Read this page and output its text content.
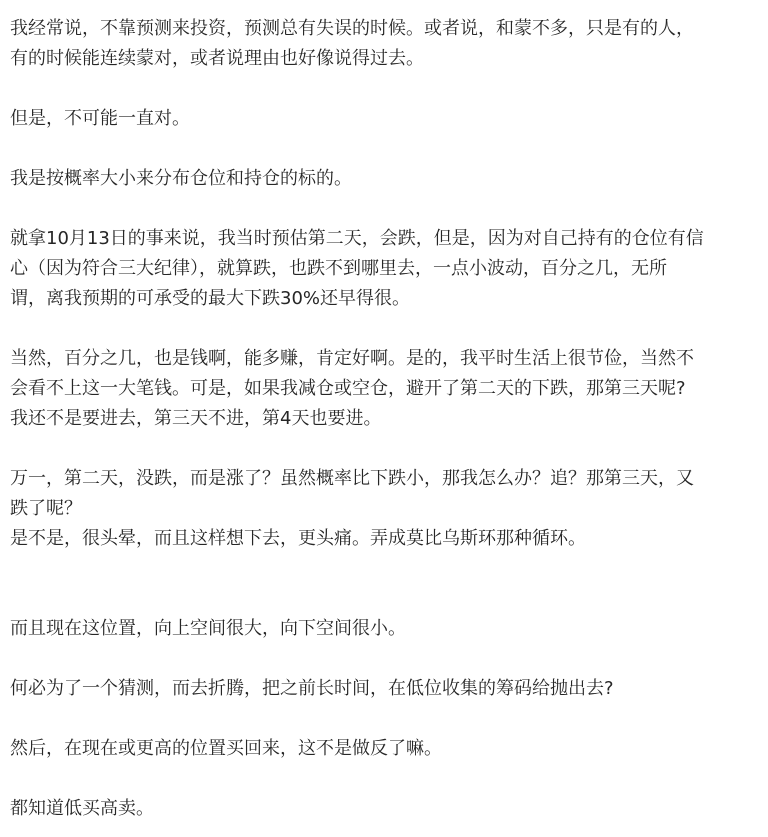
我经常说，不靠预测来投资，预测总有失误的时候。或者说，和蒙不多，只是有的人，
有的时候能连续蒙对，或者说理由也好像说得过去。
但是，不可能一直对。
我是按概率大小来分布仓位和持仓的标的。
就拿10月13日的事来说，我当时预估第二天，会跌，但是，因为对自己持有的仓位有信
心（因为符合三大纪律），就算跌，也跌不到哪里去，一点小波动，百分之几，无所
谓，离我预期的可承受的最大下跌30%还早得很。
当然，百分之几，也是钱啊，能多赚，肯定好啊。是的，我平时生活上很节俭，当然不
会看不上这一大笔钱。可是，如果我减仓或空仓，避开了第二天的下跌，那第三天呢?
我还不是要进去，第三天不进，第4天也要进。
万一，第二天，没跌，而是涨了？虽然概率比下跌小，那我怎么办？追？那第三天，又
跌了呢？
是不是，很头晕，而且这样想下去，更头痛。弄成莫比乌斯环那种循环。
而且现在这位置，向上空间很大，向下空间很小。
何必为了一个猜测，而去折腾，把之前长时间，在低位收集的筹码给抛出去?
然后，在现在或更高的位置买回来，这不是做反了嘛。
都知道低买高卖。
